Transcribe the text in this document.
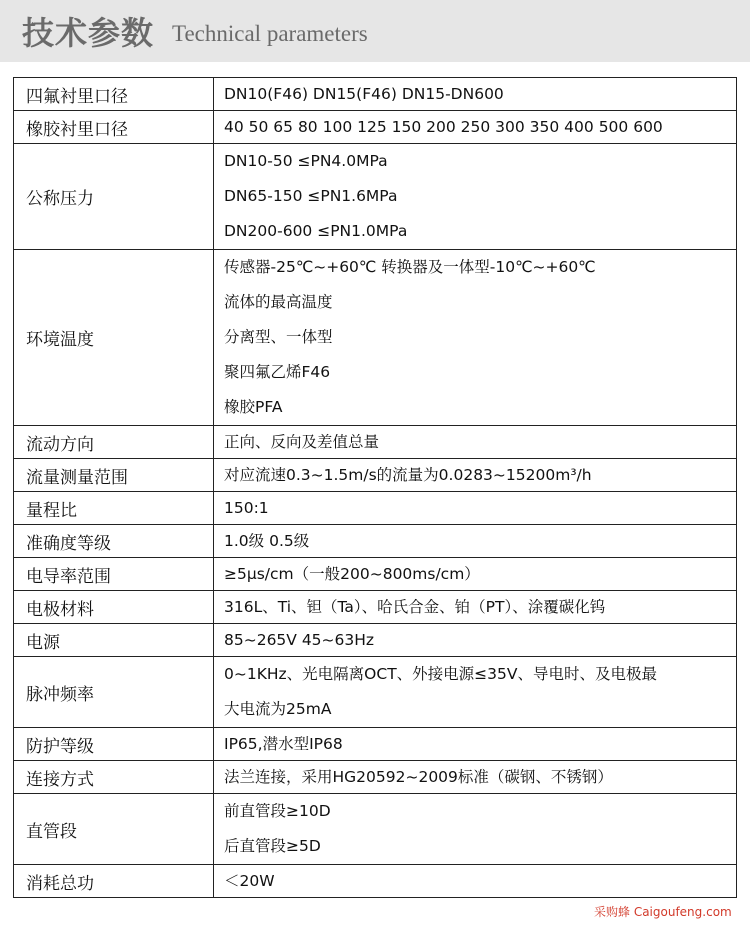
技术参数 Technical parameters
四氟衬里口径	DN10(F46) DN15(F46) DN15-DN600

橡胶衬里口径	40 50 65 80 100 125 150 200 250 300 350 400 500 600

公称压力	DN10-50 ≤PN4.0MPa
DN65-150 ≤PN1.6MPa
DN200-600 ≤PN1.0MPa

环境温度	传感器-25℃~+60℃ 转换器及一体型-10℃~+60℃
流体的最高温度
分离型、一体型
聚四氟乙烯F46
橡胶PFA

流动方向	正向、反向及差值总量

流量测量范围	对应流速0.3~1.5m/s的流量为0.0283~15200m³/h

量程比	150:1

准确度等级	1.0级 0.5级

电导率范围	≥5μs/cm（一般200~800ms/cm）

电极材料	316L、Ti、钽（Ta）、哈氏合金、铂（PT）、涂覆碳化钨

电源	85~265V 45~63Hz

脉冲频率	0~1KHz、光电隔离OCT、外接电源≤35V、导电时、及电极最
大电流为25mA

防护等级	IP65,潜水型IP68

连接方式	法兰连接，采用HG20592~2009标准（碳钢、不锈钢）

直管段	前直管段≥10D
后直管段≥5D

消耗总功	＜20W
采购蜂 Caigoufeng.com
